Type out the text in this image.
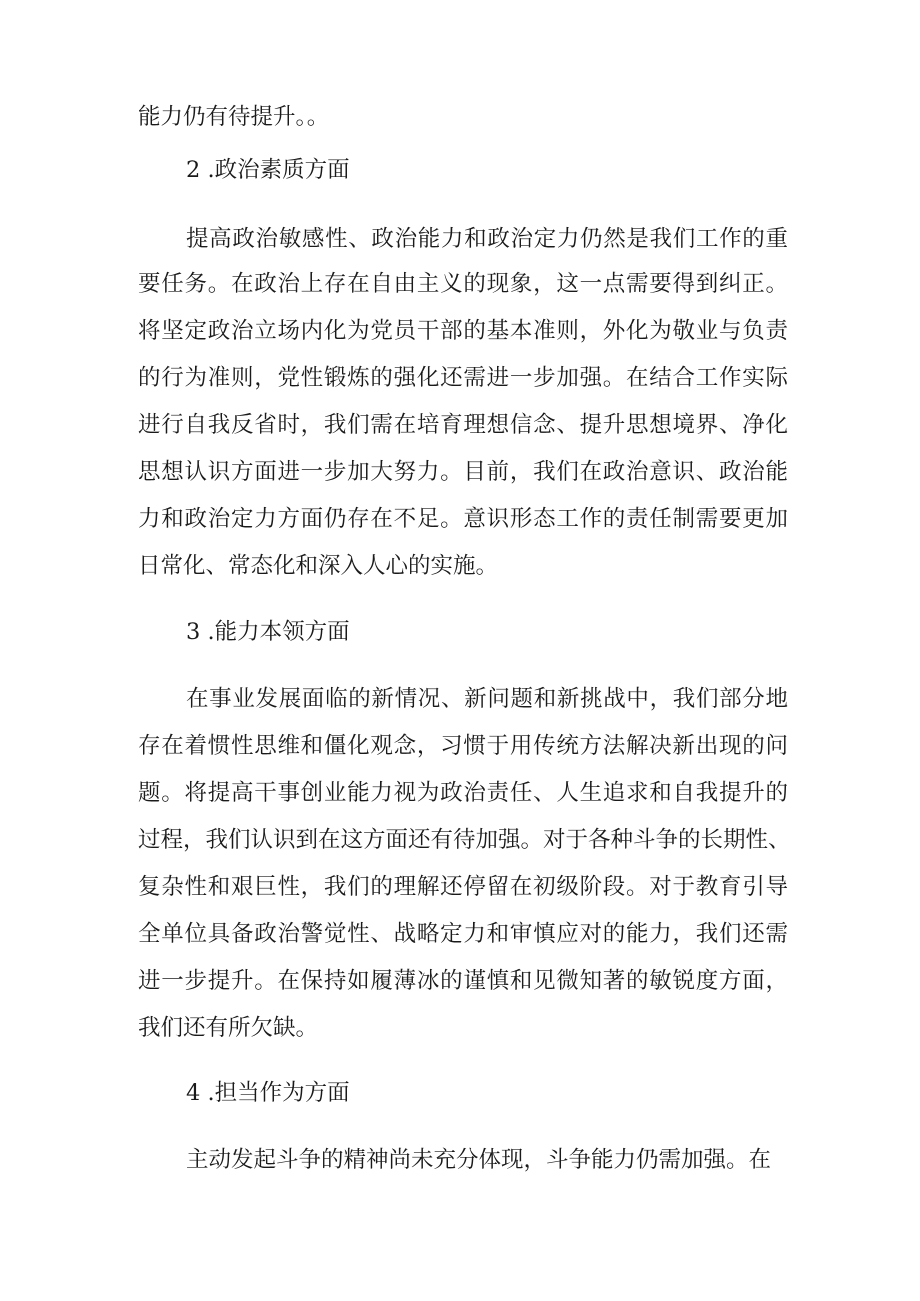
能力仍有待提升。。
2 .政治素质方面
提高政治敏感性、政治能力和政治定力仍然是我们工作的重
要任务。在政治上存在自由主义的现象，这一点需要得到纠正。
将坚定政治立场内化为党员干部的基本准则，外化为敬业与负责
的行为准则，党性锻炼的强化还需进一步加强。在结合工作实际
进行自我反省时，我们需在培育理想信念、提升思想境界、净化
思想认识方面进一步加大努力。目前，我们在政治意识、政治能
力和政治定力方面仍存在不足。意识形态工作的责任制需要更加
日常化、常态化和深入人心的实施。
3 .能力本领方面
在事业发展面临的新情况、新问题和新挑战中，我们部分地
存在着惯性思维和僵化观念，习惯于用传统方法解决新出现的问
题。将提高干事创业能力视为政治责任、人生追求和自我提升的
过程，我们认识到在这方面还有待加强。对于各种斗争的长期性、
复杂性和艰巨性，我们的理解还停留在初级阶段。对于教育引导
全单位具备政治警觉性、战略定力和审慎应对的能力，我们还需
进一步提升。在保持如履薄冰的谨慎和见微知著的敏锐度方面，
我们还有所欠缺。
4 .担当作为方面
主动发起斗争的精神尚未充分体现，斗争能力仍需加强。在
